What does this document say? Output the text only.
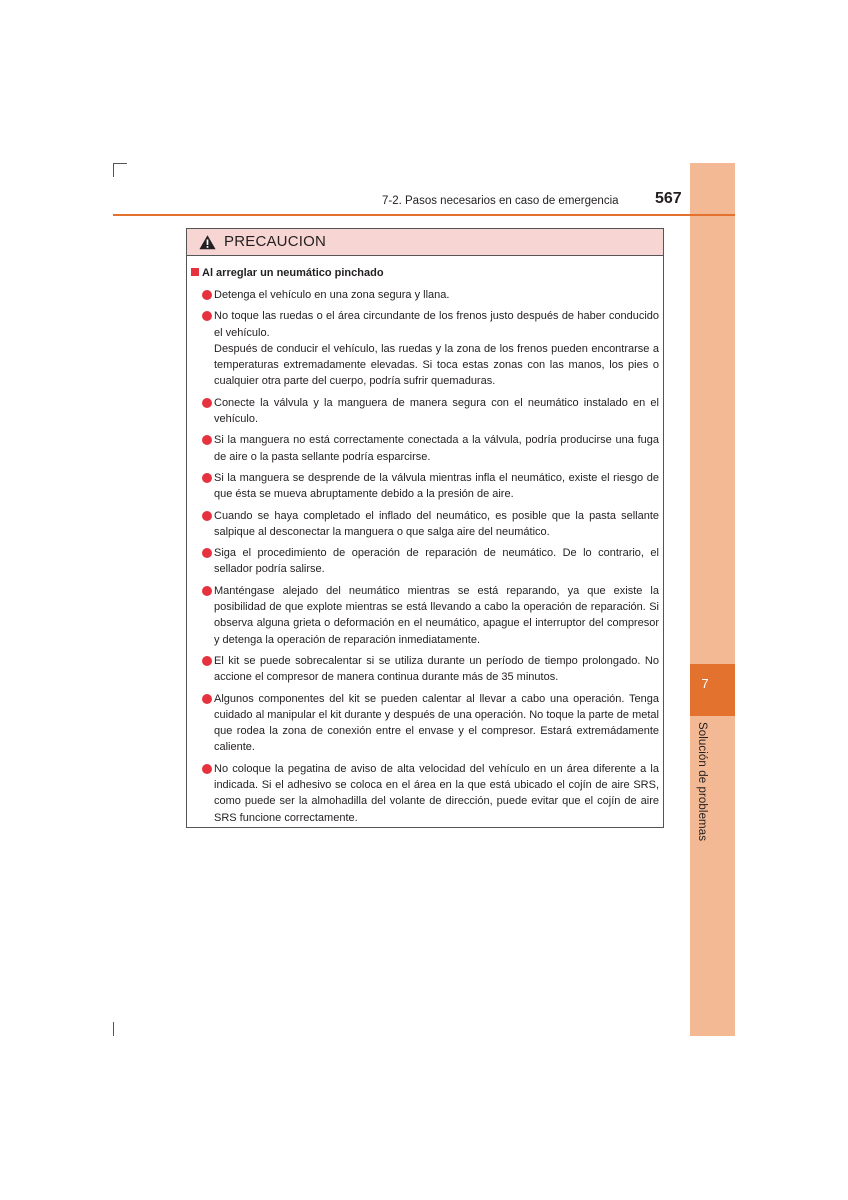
7
Solución de problemas
7-2. Pasos necesarios en caso de emergencia 567
PRECAUCION
Al arreglar un neumático pinchado
Detenga el vehículo en una zona segura y llana.
No toque las ruedas o el área circundante de los frenos justo después de haber conducido el vehículo.
Después de conducir el vehículo, las ruedas y la zona de los frenos pueden encontrarse a temperaturas extremadamente elevadas. Si toca estas zonas con las manos, los pies o cualquier otra parte del cuerpo, podría sufrir quemaduras.
Conecte la válvula y la manguera de manera segura con el neumático instalado en el vehículo.
Si la manguera no está correctamente conectada a la válvula, podría producirse una fuga de aire o la pasta sellante podría esparcirse.
Si la manguera se desprende de la válvula mientras infla el neumático, existe el riesgo de que ésta se mueva abruptamente debido a la presión de aire.
Cuando se haya completado el inflado del neumático, es posible que la pasta sellante salpique al desconectar la manguera o que salga aire del neumático.
Siga el procedimiento de operación de reparación de neumático. De lo contrario, el sellador podría salirse.
Manténgase alejado del neumático mientras se está reparando, ya que existe la posibilidad de que explote mientras se está llevando a cabo la operación de reparación. Si observa alguna grieta o deformación en el neumático, apague el interruptor del compresor y detenga la operación de reparación inmediatamente.
El kit se puede sobrecalentar si se utiliza durante un período de tiempo prolongado. No accione el compresor de manera continua durante más de 35 minutos.
Algunos componentes del kit se pueden calentar al llevar a cabo una operación. Tenga cuidado al manipular el kit durante y después de una operación. No toque la parte de metal que rodea la zona de conexión entre el envase y el compresor. Estará extremádamente caliente.
No coloque la pegatina de aviso de alta velocidad del vehículo en un área diferente a la indicada. Si el adhesivo se coloca en el área en la que está ubicado el cojín de aire SRS, como puede ser la almohadilla del volante de dirección, puede evitar que el cojín de aire SRS funcione correctamente.
